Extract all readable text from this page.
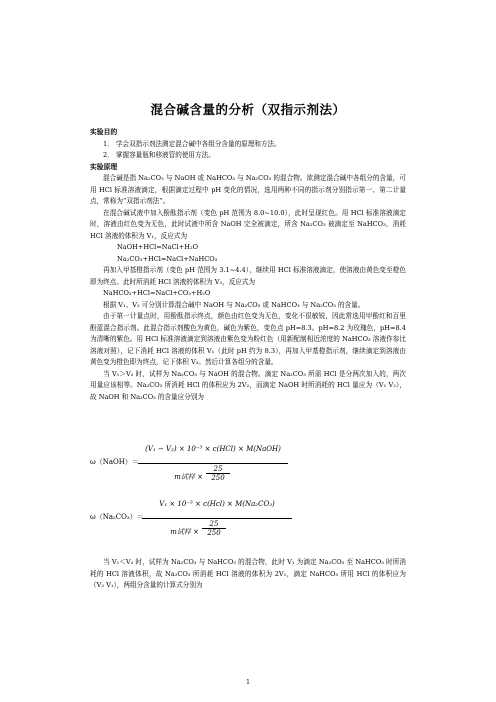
混合碱含量的分析（双指示剂法）
实验目的
1． 学会双指示剂法测定混合碱中各组分含量的原理和方法。
2． 掌握容量瓶和移液管的使用方法。
实验原理
混合碱是指 Na₂CO₃ 与 NaOH 或 NaHCO₃ 与 Na₂CO₃ 的混合物。欲测定混合碱中各组分的含量，可用 HCl 标准溶液滴定，根据滴定过程中 pH 变化的情况，选用两种不同的指示剂分别指示第一、第二计量点，常称为“双指示剂法”。
在混合碱试液中加入酚酞指示剂（变色 pH 范围为 8.0~10.0），此时呈现红色。用 HCl 标准溶液滴定时，溶液由红色变为无色，此时试液中所含 NaOH 完全被滴定，所含 Na₂CO₃ 被滴定至 NaHCO₃，消耗 HCl 溶液的体积为 V₁，反应式为
NaOH+HCl=NaCl+H₂O
Na₂CO₃+HCl=NaCl+NaHCO₃
再加入甲基橙指示剂（变色 pH 范围为 3.1~4.4），继续用 HCl 标准溶液滴定，使溶液由黄色变至橙色即为终点。此时所消耗 HCl 溶液的体积为 V₂，反应式为
NaHCO₃+HCl=NaCl+CO₂+H₂O
根据 V₁、V₂ 可分别计算混合碱中 NaOH 与 Na₂CO₃ 或 NaHCO₃ 与 Na₂CO₃ 的含量。
由于第一计量点时，用酚酞指示终点，颜色由红色变为无色，变化不很敏锐，因此常选用甲酚红和百里酚蓝混合指示剂。此混合指示剂酸色为黄色，碱色为紫色，变色点 pH=8.3。pH=8.2 为玫瑰色，pH=8.4 为清晰的紫色。用 HCl 标准溶液滴定到溶液由紫色变为粉红色（用新配制相近浓度的 NaHCO₃ 溶液作参比溶液对照），记下消耗 HCl 溶液的体积 V₁（此时 pH 约为 8.3），再加入甲基橙指示剂，继续滴定到溶液由黄色变为橙色即为终点，记下体积 V₂。然后计算各组分的含量。
当 V₁＞V₂ 时，试样为 Na₂CO₃ 与 NaOH 的混合物。滴定 Na₂CO₃ 所需 HCl 是分两次加入的，两次用量应该相等。Na₂CO₃ 所消耗 HCl 的体积应为 2V₂，而滴定 NaOH 时所消耗的 HCl 量应为（V₁ V₂），故 NaOH 和 Na₂CO₃ 的含量应分别为
ω（NaOH）＝
(V₁ − V₂) × 10⁻³ × c(HCl) × M(NaOH)
25
m试样 ×	250
ω（Na₂CO₃）＝
V₁ × 10⁻³ × c(Hcl) × M(Na₂CO₃)
25
m试样 ×	250
当 V₁＜V₂ 时，试样为 Na₂CO₃ 与 NaHCO₃ 的混合物，此时 V₁ 为滴定 Na₂CO₃ 至 NaHCO₃ 时所消耗的 HCl 溶液体积，故 Na₂CO₃ 所消耗 HCl 溶液的体积为 2V₁，滴定 NaHCO₃ 所用 HCl 的体积应为（V₂ V₁），两组分含量的计算式分别为
1
